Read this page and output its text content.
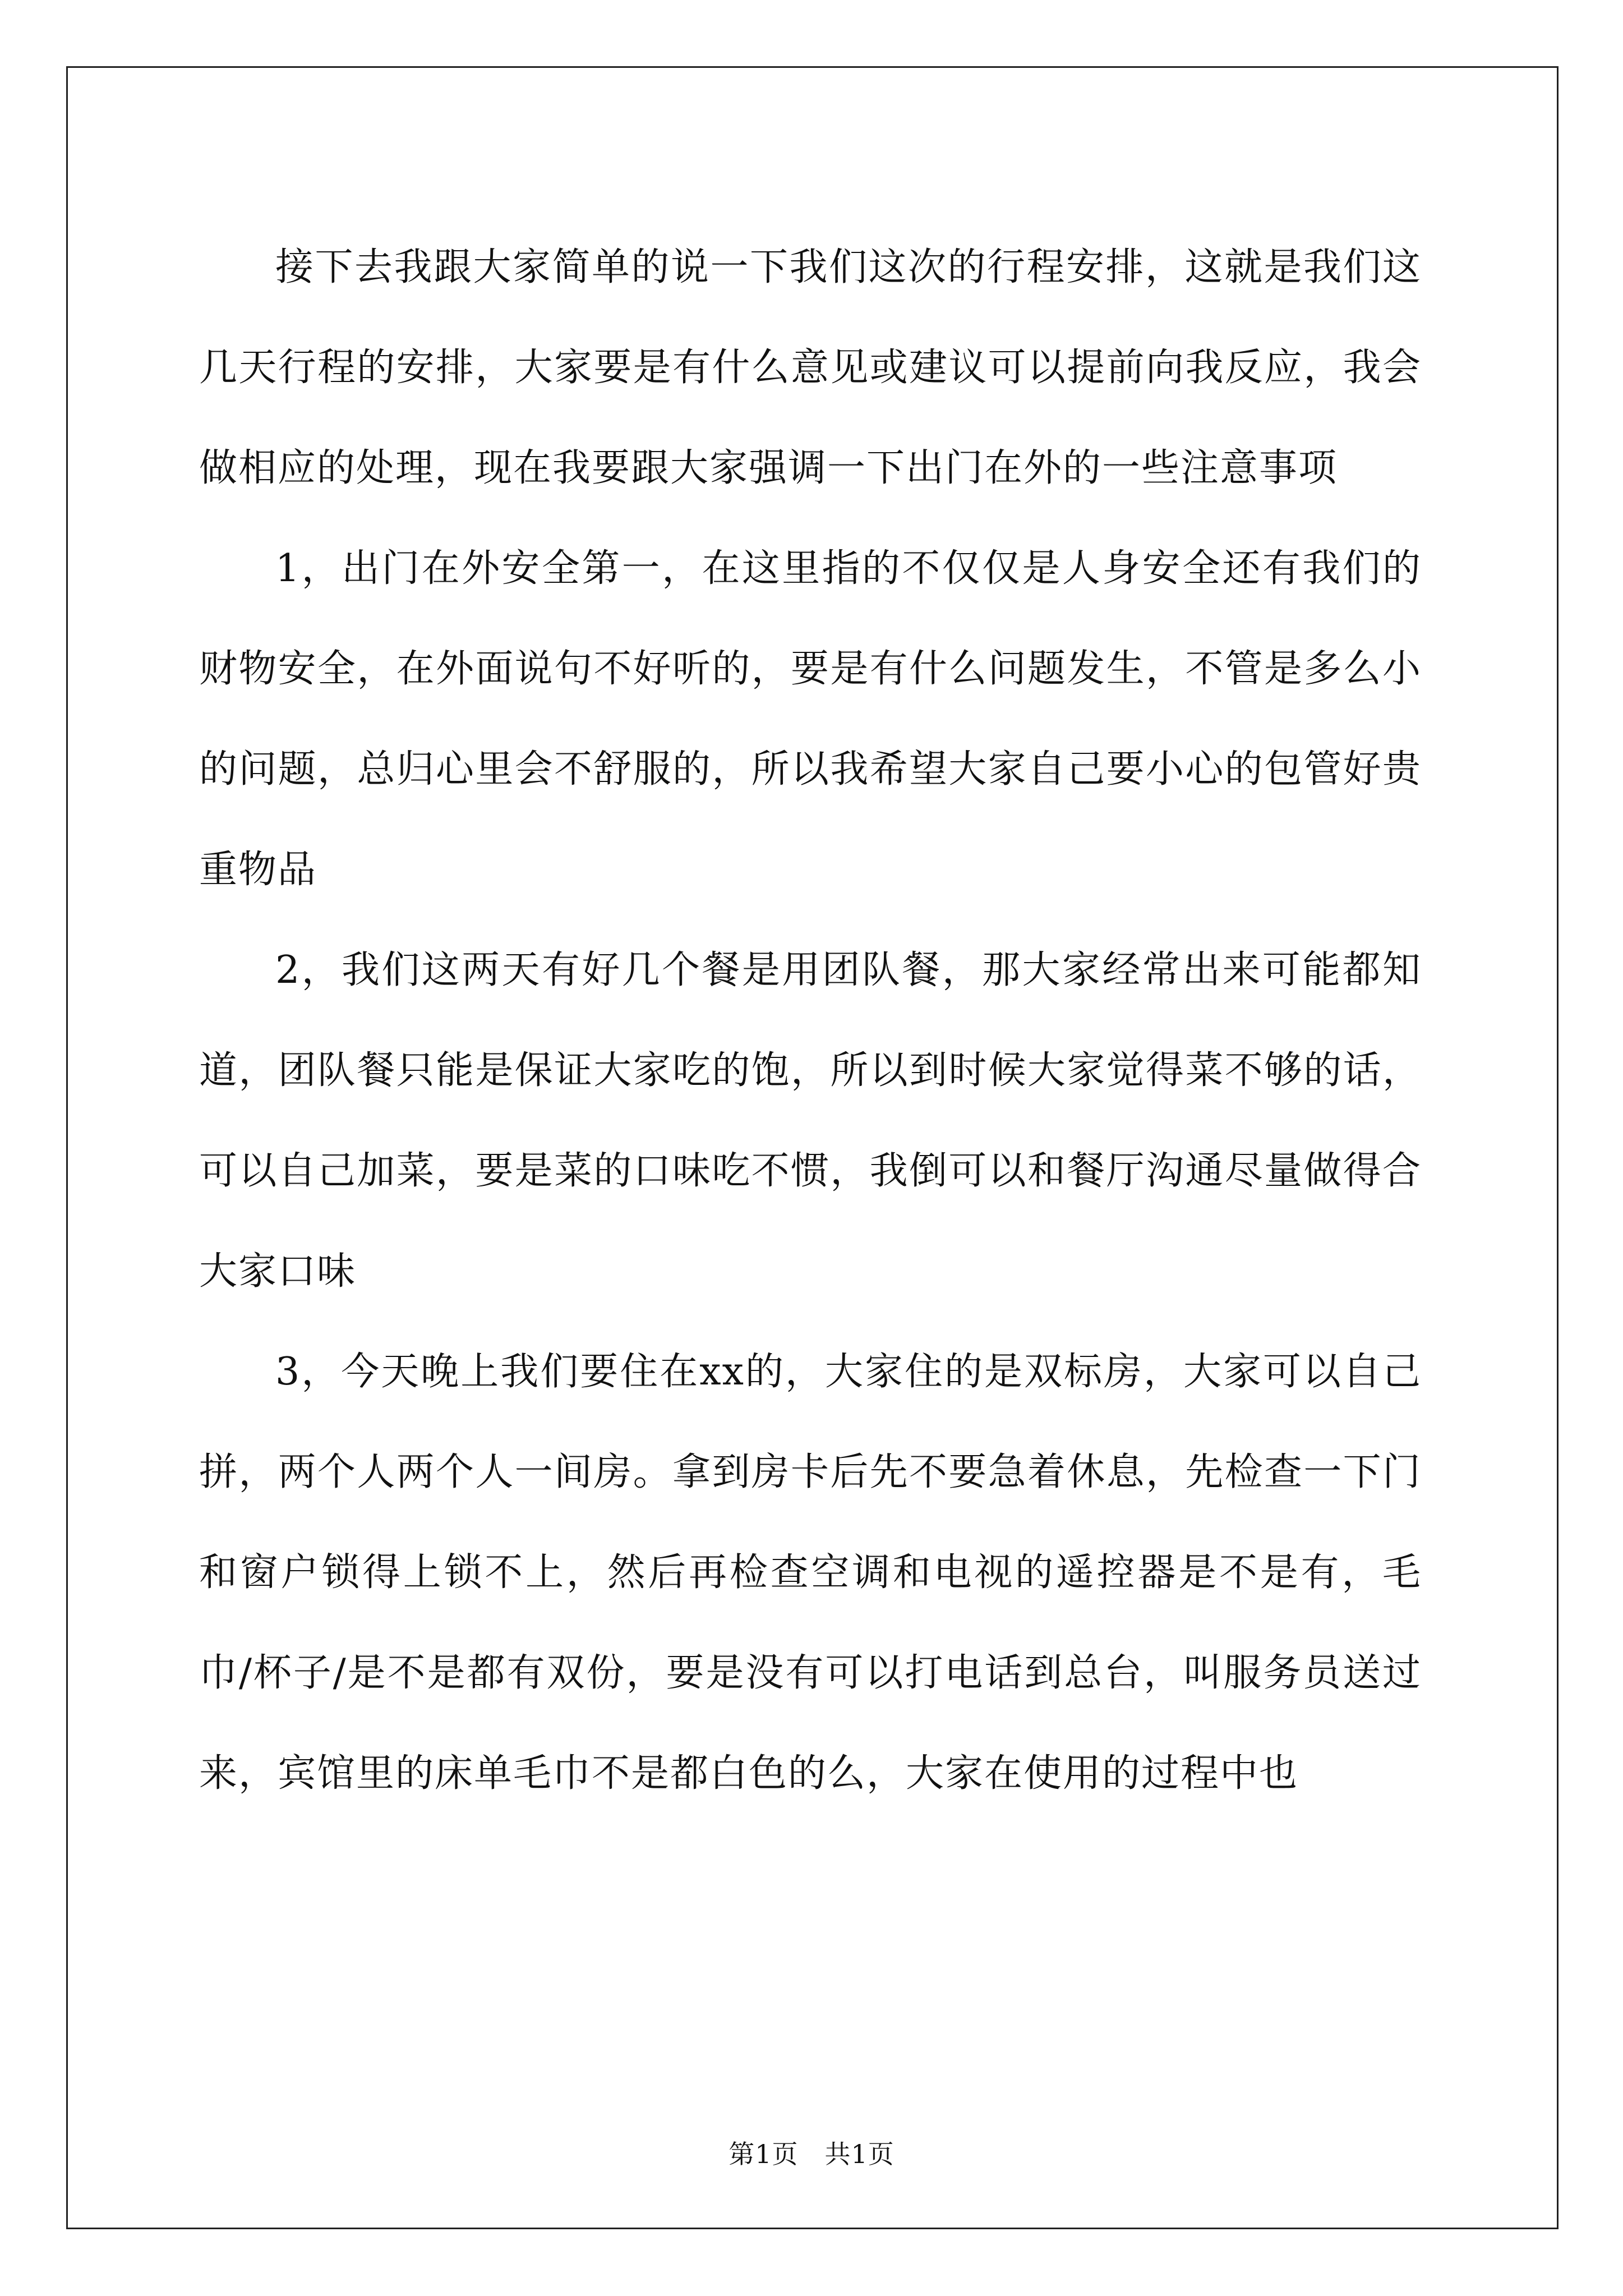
接下去我跟大家简单的说一下我们这次的行程安排，这就是我们这几天行程的安排，大家要是有什么意见或建议可以提前向我反应，我会做相应的处理，现在我要跟大家强调一下出门在外的一些注意事项

1，出门在外安全第一，在这里指的不仅仅是人身安全还有我们的财物安全，在外面说句不好听的，要是有什么问题发生，不管是多么小的问题，总归心里会不舒服的，所以我希望大家自己要小心的包管好贵重物品

2，我们这两天有好几个餐是用团队餐，那大家经常出来可能都知道，团队餐只能是保证大家吃的饱，所以到时候大家觉得菜不够的话，可以自己加菜，要是菜的口味吃不惯，我倒可以和餐厅沟通尽量做得合大家口味

3，今天晚上我们要住在xx的，大家住的是双标房，大家可以自己拼，两个人两个人一间房。拿到房卡后先不要急着休息，先检查一下门和窗户锁得上锁不上，然后再检查空调和电视的遥控器是不是有，毛巾/杯子/是不是都有双份，要是没有可以打电话到总台，叫服务员送过来，宾馆里的床单毛巾不是都白色的么，大家在使用的过程中也

第1页　共1页
